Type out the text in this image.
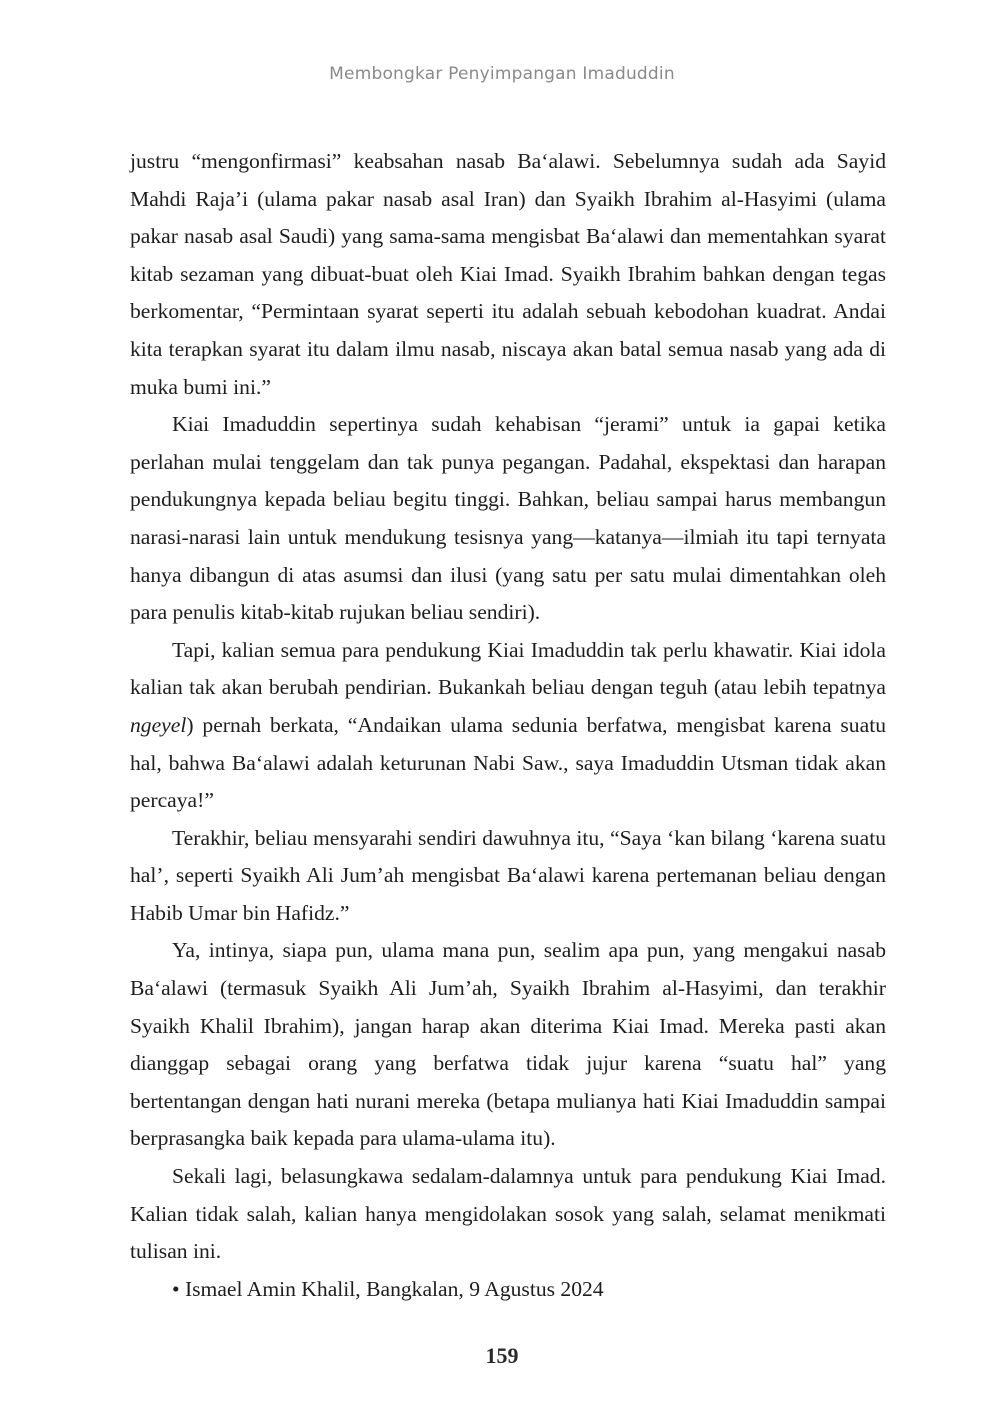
Membongkar Penyimpangan Imaduddin

justru “mengonfirmasi” keabsahan nasab Ba‘alawi. Sebelumnya sudah ada Sayid Mahdi Raja’i (ulama pakar nasab asal Iran) dan Syaikh Ibrahim al-Hasyimi (ulama pakar nasab asal Saudi) yang sama-sama mengisbat Ba‘alawi dan mementahkan syarat kitab sezaman yang dibuat-buat oleh Kiai Imad. Syaikh Ibrahim bahkan dengan tegas berkomentar, “Permintaan syarat seperti itu adalah sebuah kebodohan kuadrat. Andai kita terapkan syarat itu dalam ilmu nasab, niscaya akan batal semua nasab yang ada di muka bumi ini.”

Kiai Imaduddin sepertinya sudah kehabisan “jerami” untuk ia gapai ketika perlahan mulai tenggelam dan tak punya pegangan. Padahal, ekspektasi dan harapan pendukungnya kepada beliau begitu tinggi. Bahkan, beliau sampai harus membangun narasi-narasi lain untuk mendukung tesisnya yang—katanya—ilmiah itu tapi ternyata hanya dibangun di atas asumsi dan ilusi (yang satu per satu mulai dimentahkan oleh para penulis kitab-kitab rujukan beliau sendiri).

Tapi, kalian semua para pendukung Kiai Imaduddin tak perlu khawatir. Kiai idola kalian tak akan berubah pendirian. Bukankah beliau dengan teguh (atau lebih tepatnya ngeyel) pernah berkata, “Andaikan ulama sedunia berfatwa, mengisbat karena suatu hal, bahwa Ba‘alawi adalah keturunan Nabi Saw., saya Imaduddin Utsman tidak akan percaya!”

Terakhir, beliau mensyarahi sendiri dawuhnya itu, “Saya ‘kan bilang ‘karena suatu hal’, seperti Syaikh Ali Jum’ah mengisbat Ba‘alawi karena pertemanan beliau dengan Habib Umar bin Hafidz.”

Ya, intinya, siapa pun, ulama mana pun, sealim apa pun, yang mengakui nasab Ba‘alawi (termasuk Syaikh Ali Jum’ah, Syaikh Ibrahim al-Hasyimi, dan terakhir Syaikh Khalil Ibrahim), jangan harap akan diterima Kiai Imad. Mereka pasti akan dianggap sebagai orang yang berfatwa tidak jujur karena “suatu hal” yang bertentangan dengan hati nurani mereka (betapa mulianya hati Kiai Imaduddin sampai berprasangka baik kepada para ulama-ulama itu).

Sekali lagi, belasungkawa sedalam-dalamnya untuk para pendukung Kiai Imad. Kalian tidak salah, kalian hanya mengidolakan sosok yang salah, selamat menikmati tulisan ini.

• Ismael Amin Khalil, Bangkalan, 9 Agustus 2024

159
